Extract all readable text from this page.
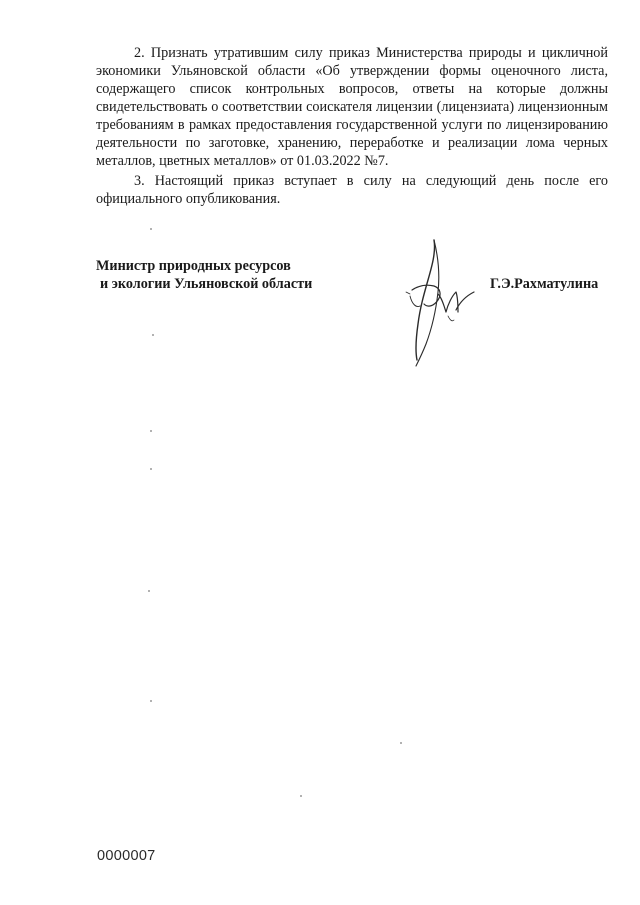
2. Признать утратившим силу приказ Министерства природы и цикличной экономики Ульяновской области «Об утверждении формы оценочного листа, содержащего список контрольных вопросов, ответы на которые должны свидетельствовать о соответствии соискателя лицензии (лицензиата) лицензионным требованиям в рамках предоставления государственной услуги по лицензированию деятельности по заготовке, хранению, переработке и реализации лома черных металлов, цветных металлов» от 01.03.2022 №7.

3. Настоящий приказ вступает в силу на следующий день после его официального опубликования.

Министр природных ресурсов
и экологии Ульяновской области	Г.Э.Рахматулина
0000007
